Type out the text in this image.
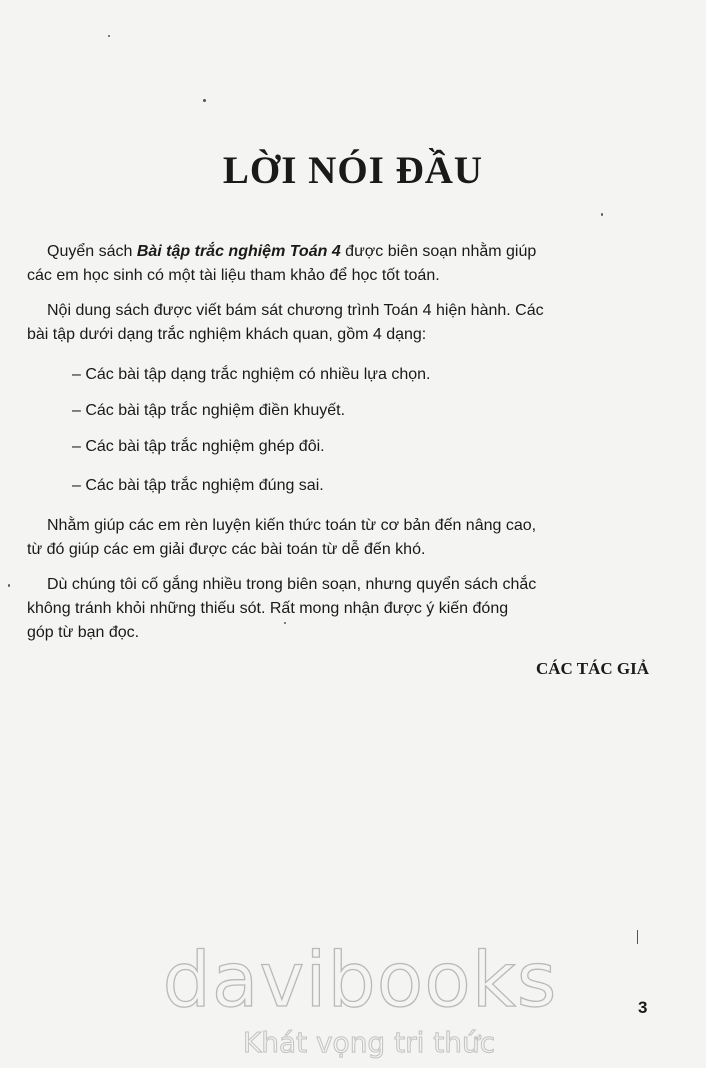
LỜI NÓI ĐẦU

Quyển sách Bài tập trắc nghiệm Toán 4 được biên soạn nhằm giúp
các em học sinh có một tài liệu tham khảo để học tốt toán.

Nội dung sách được viết bám sát chương trình Toán 4 hiện hành. Các
bài tập dưới dạng trắc nghiệm khách quan, gồm 4 dạng:

– Các bài tập dạng trắc nghiệm có nhiều lựa chọn.

– Các bài tập trắc nghiệm điền khuyết.

– Các bài tập trắc nghiệm ghép đôi.

– Các bài tập trắc nghiệm đúng sai.

Nhằm giúp các em rèn luyện kiến thức toán từ cơ bản đến nâng cao,
từ đó giúp các em giải được các bài toán từ dễ đến khó.

Dù chúng tôi cố gắng nhiều trong biên soạn, nhưng quyển sách chắc
không tránh khỏi những thiếu sót. Rất mong nhận được ý kiến đóng
góp từ bạn đọc.

CÁC TÁC GIẢ
davibooks
Khát vọng tri thức
3
